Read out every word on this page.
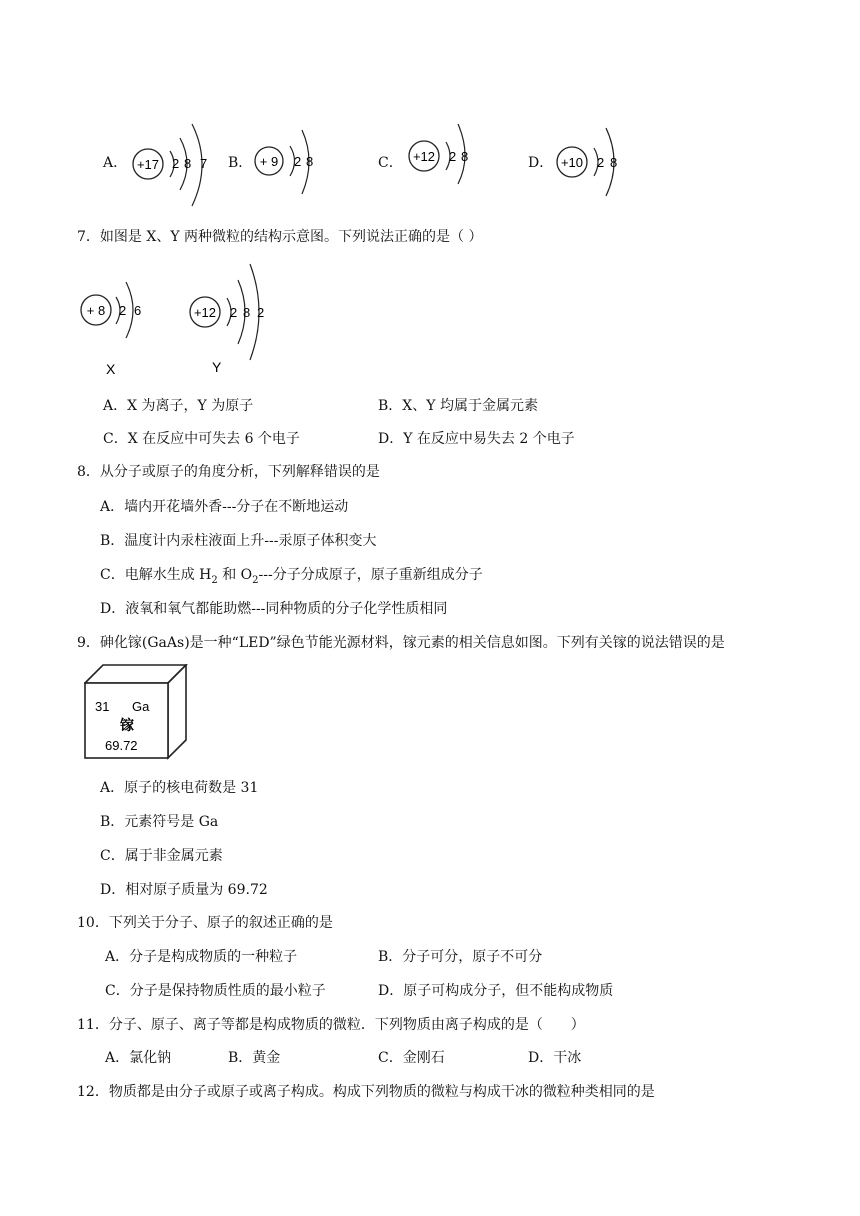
A． +17 2 8 7 B． + 9 2 8	C． +12 2 8	D． +10 2 8
7．如图是 X、Y 两种微粒的结构示意图。下列说法正确的是（ ）
+ 8 2 6
X
+12 2 8 2
Y
A．X 为离子，Y 为原子	B．X、Y 均属于金属元素
C．X 在反应中可失去 6 个电子	D．Y 在反应中易失去 2 个电子
8．从分子或原子的角度分析，下列解释错误的是
A．墙内开花墙外香---分子在不断地运动
B．温度计内汞柱液面上升---汞原子体积变大
C．电解水生成 $H_2$ 和 $O_2---$分子分成原子，原子重新组成分子
D．液氧和氧气都能助燃---同种物质的分子化学性质相同
9．砷化镓(GaAs)是一种“LED”绿色节能光源材料，镓元素的相关信息如图。下列有关镓的说法错误的是
31 Ga
镓
69.72
A．原子的核电荷数是 31
B．元素符号是 Ga
C．属于非金属元素
D．相对原子质量为 69.72
10．下列关于分子、原子的叙述正确的是
A．分子是构成物质的一种粒子	B．分子可分，原子不可分
C．分子是保持物质性质的最小粒子	D．原子可构成分子，但不能构成物质
11．分子、原子、离子等都是构成物质的微粒．下列物质由离子构成的是（　　）
A．氯化钠	B．黄金	C．金刚石	D．干冰
12．物质都是由分子或原子或离子构成。构成下列物质的微粒与构成干冰的微粒种类相同的是
